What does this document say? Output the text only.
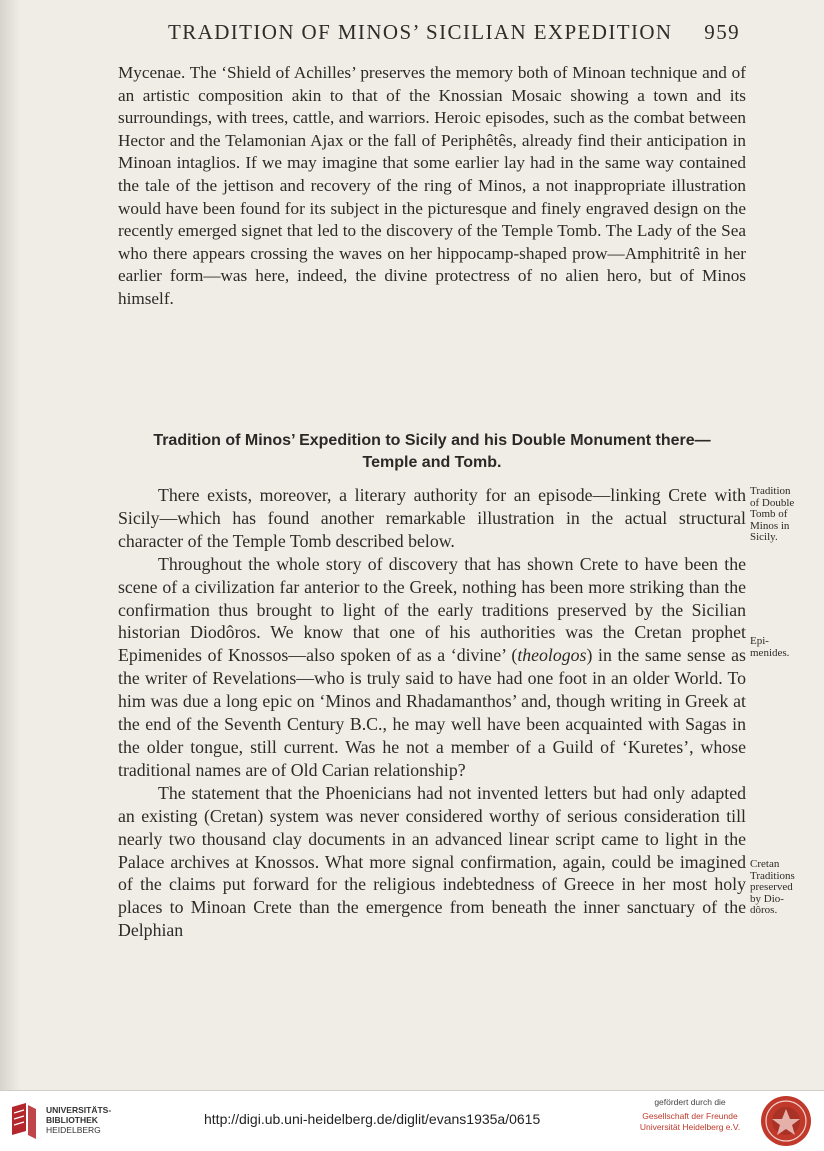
TRADITION OF MINOS’ SICILIAN EXPEDITION 959

Mycenae. The ‘Shield of Achilles’ preserves the memory both of Minoan technique and of an artistic composition akin to that of the Knossian Mosaic showing a town and its surroundings, with trees, cattle, and warriors. Heroic episodes, such as the combat between Hector and the Telamonian Ajax or the fall of Periphêtês, already find their anticipation in Minoan intaglios. If we may imagine that some earlier lay had in the same way contained the tale of the jettison and recovery of the ring of Minos, a not inappropriate illustration would have been found for its subject in the picturesque and finely engraved design on the recently emerged signet that led to the discovery of the Temple Tomb. The Lady of the Sea who there appears crossing the waves on her hippocamp-shaped prow—Amphitritê in her earlier form—was here, indeed, the divine protectress of no alien hero, but of Minos himself.

Tradition of Minos’ Expedition to Sicily and his Double Monument there—
Temple and Tomb.

There exists, moreover, a literary authority for an episode—linking Crete with Sicily—which has found another remarkable illustration in the actual structural character of the Temple Tomb described below.

Throughout the whole story of discovery that has shown Crete to have been the scene of a civilization far anterior to the Greek, nothing has been more striking than the confirmation thus brought to light of the early traditions preserved by the Sicilian historian Diodôros. We know that one of his authorities was the Cretan prophet Epimenides of Knossos—also spoken of as a ‘divine’ (theologos) in the same sense as the writer of Revelations—who is truly said to have had one foot in an older World. To him was due a long epic on ‘Minos and Rhadamanthos’ and, though writing in Greek at the end of the Seventh Century B.C., he may well have been acquainted with Sagas in the older tongue, still current. Was he not a member of a Guild of ‘Kuretes’, whose traditional names are of Old Carian relationship?

The statement that the Phoenicians had not invented letters but had only adapted an existing (Cretan) system was never considered worthy of serious consideration till nearly two thousand clay documents in an advanced linear script came to light in the Palace archives at Knossos. What more signal confirmation, again, could be imagined of the claims put forward for the religious indebtedness of Greece in her most holy places to Minoan Crete than the emergence from beneath the inner sanctuary of the Delphian

Tradition
of Double
Tomb of
Minos in
Sicily.
Epi-
menides.
Cretan
Traditions
preserved
by Dio-
dôros.
UNIVERSITÄTS-
BIBLIOTHEK
HEIDELBERG
http://digi.ub.uni-heidelberg.de/diglit/evans1935a/0615
gefördert durch die
Gesellschaft der Freunde
Universität Heidelberg e.V.
